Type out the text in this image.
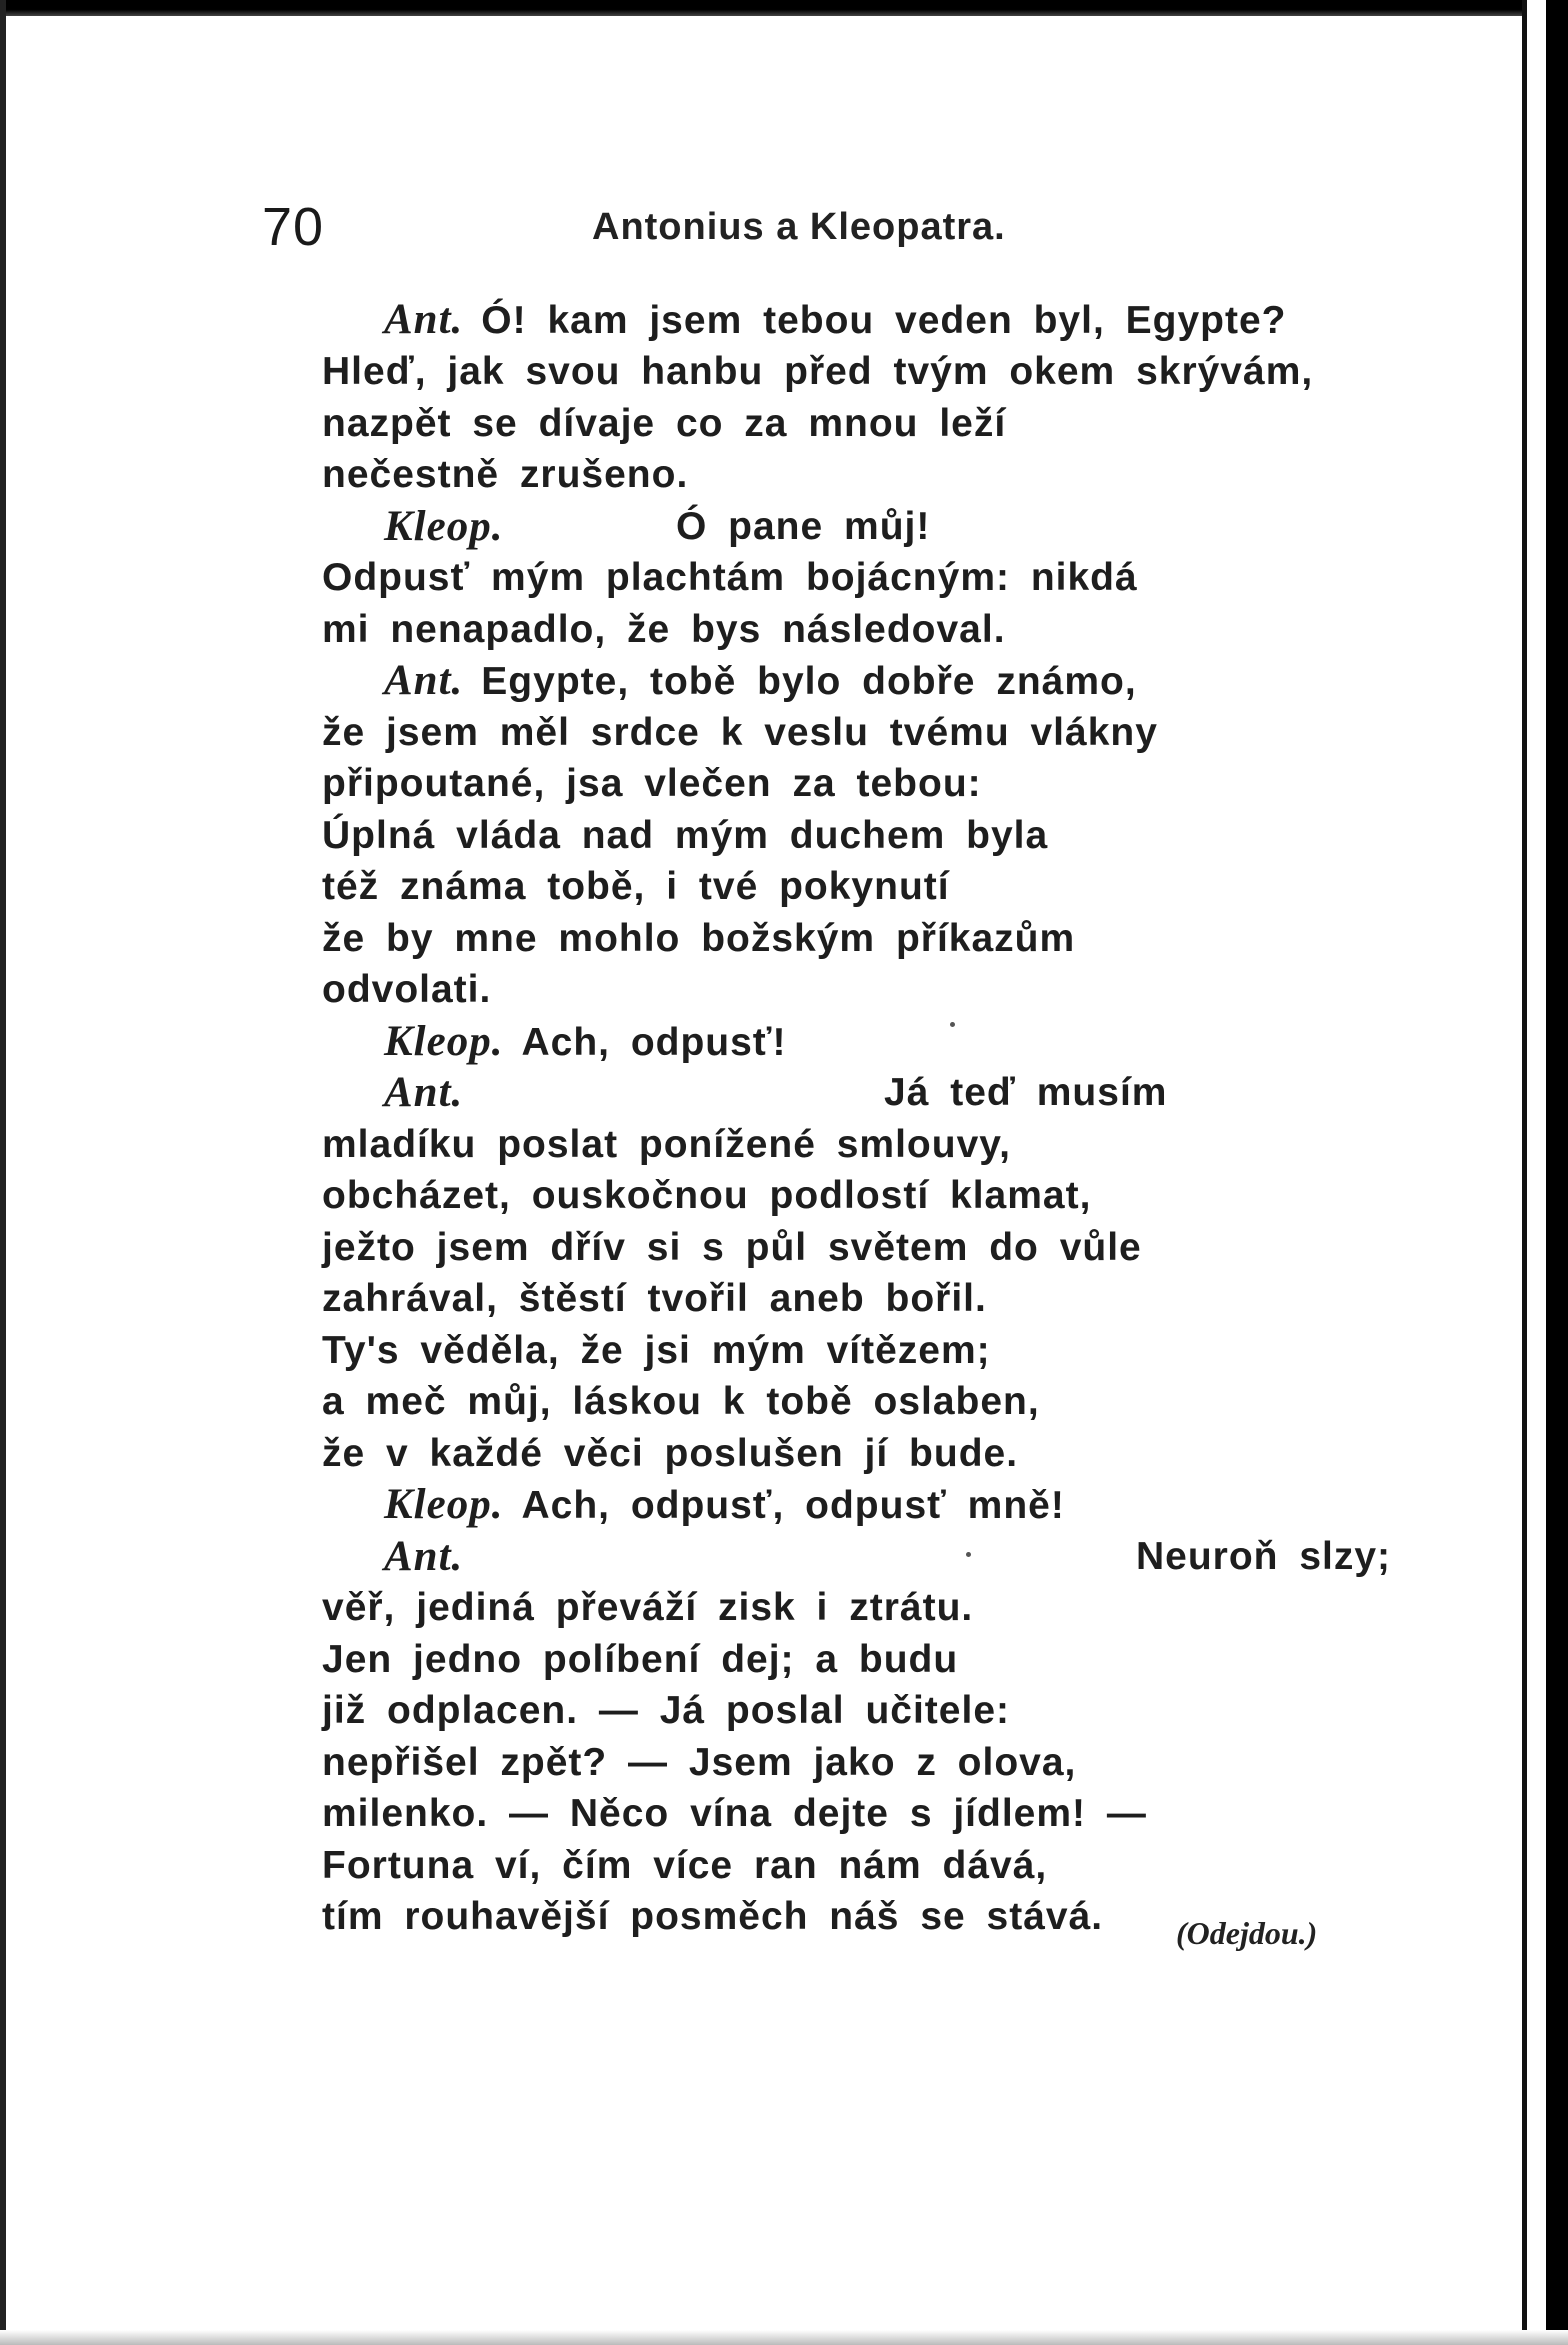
70	Antonius a Kleopatra.
Ant. Ó! kam jsem tebou veden byl, Egypte?
Hleď, jak svou hanbu před tvým okem skrývám,
nazpět se dívaje co za mnou leží
nečestně zrušeno.
Kleop.	Ó pane můj!
Odpusť mým plachtám bojácným: nikdá
mi nenapadlo, že bys následoval.
Ant. Egypte, tobě bylo dobře známo,
že jsem měl srdce k veslu tvému vlákny
připoutané, jsa vlečen za tebou:
Úplná vláda nad mým duchem byla
též známa tobě, i tvé pokynutí
že by mne mohlo božským příkazům
odvolati.
Kleop. Ach, odpusť!
Ant.	Já teď musím
mladíku poslat ponížené smlouvy,
obcházet, ouskočnou podlostí klamat,
ježto jsem dřív si s půl světem do vůle
zahrával, štěstí tvořil aneb bořil.
Ty's věděla, že jsi mým vítězem;
a meč můj, láskou k tobě oslaben,
že v každé věci poslušen jí bude.
Kleop. Ach, odpusť, odpusť mně!
Ant.	Neuroň slzy;
věř, jediná převáží zisk i ztrátu.
Jen jedno políbení dej; a budu
již odplacen. — Já poslal učitele:
nepřišel zpět? — Jsem jako z olova,
milenko. — Něco vína dejte s jídlem! —
Fortuna ví, čím více ran nám dává,
tím rouhavější posměch náš se stává. (Odejdou.)
